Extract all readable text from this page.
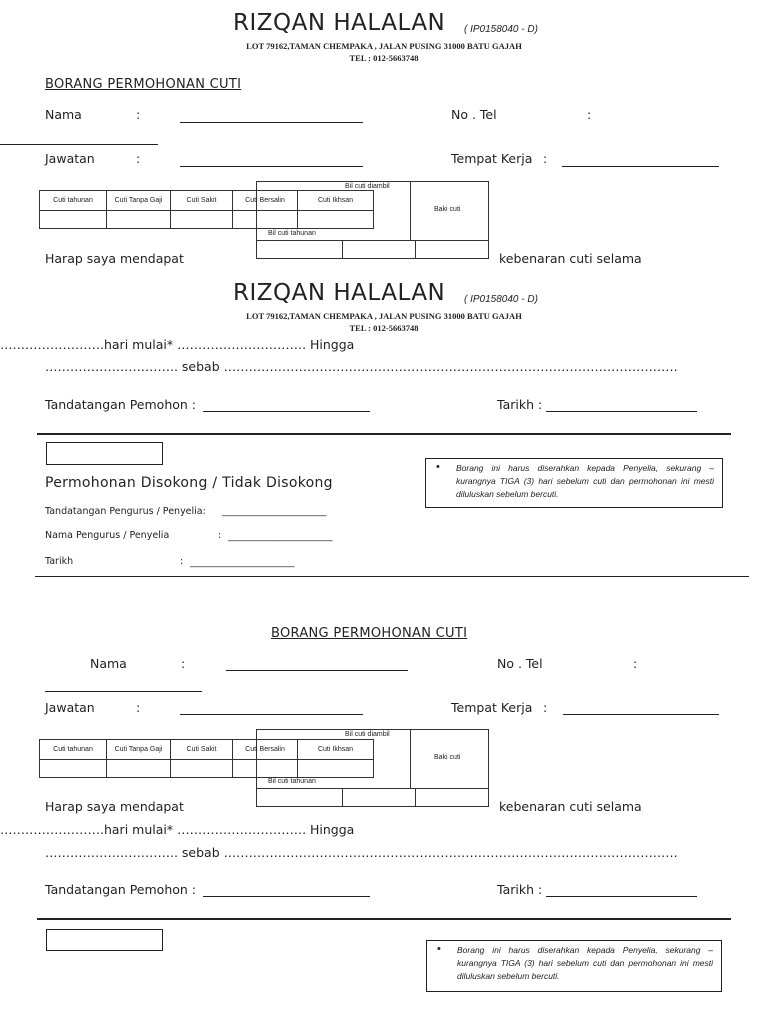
RIZQAN HALALAN ( IP0158040 - D)
LOT 79162,TAMAN CHEMPAKA , JALAN PUSING 31000 BATU GAJAH
TEL : 012-5663748
BORANG PERMOHONAN CUTI
Nama	:	No . Tel	:
Jawatan	:	Tempat Kerja :
Bil cuti diambil
Baki cuti
Cuti tahunan	Cuti Tanpa Gaji	Cuti Sakit	Cuti Bersalin	Cuti Ikhsan
Bil cuti tahunan
Harap saya mendapat	kebenaran cuti selama
RIZQAN HALALAN ( IP0158040 - D)
LOT 79162,TAMAN CHEMPAKA , JALAN PUSING 31000 BATU GAJAH
TEL : 012-5663748
…………………….hari mulai* …………………………. Hingga
………………………….. sebab ……………………………………………………………………………………………….
Tandatangan Pemohon :	Tarikh :
Permohonan Disokong / Tidak Disokong
• Borang ini harus diserahkan kepada Penyelia, sekurang – kurangnya TIGA (3) hari sebelum cuti dan permohonan ini mesti diluluskan sebelum bercuti.
Tandatangan Pengurus / Penyelia: ______________________
Nama Pengurus / Penyelia	: ______________________
Tarikh	: ______________________
BORANG PERMOHONAN CUTI
Nama	:	No . Tel	:
Jawatan	:	Tempat Kerja :
Bil cuti diambil
Baki cuti
Cuti tahunan	Cuti Tanpa Gaji	Cuti Sakit	Cuti Bersalin	Cuti Ikhsan
Bil cuti tahunan
Harap saya mendapat	kebenaran cuti selama
…………………….hari mulai* …………………………. Hingga
………………………….. sebab ……………………………………………………………………………………………….
Tandatangan Pemohon :	Tarikh :
• Borang ini harus diserahkan kepada Penyelia, sekurang – kurangnya TIGA (3) hari sebelum cuti dan permohonan ini mesti diluluskan sebelum bercuti.
